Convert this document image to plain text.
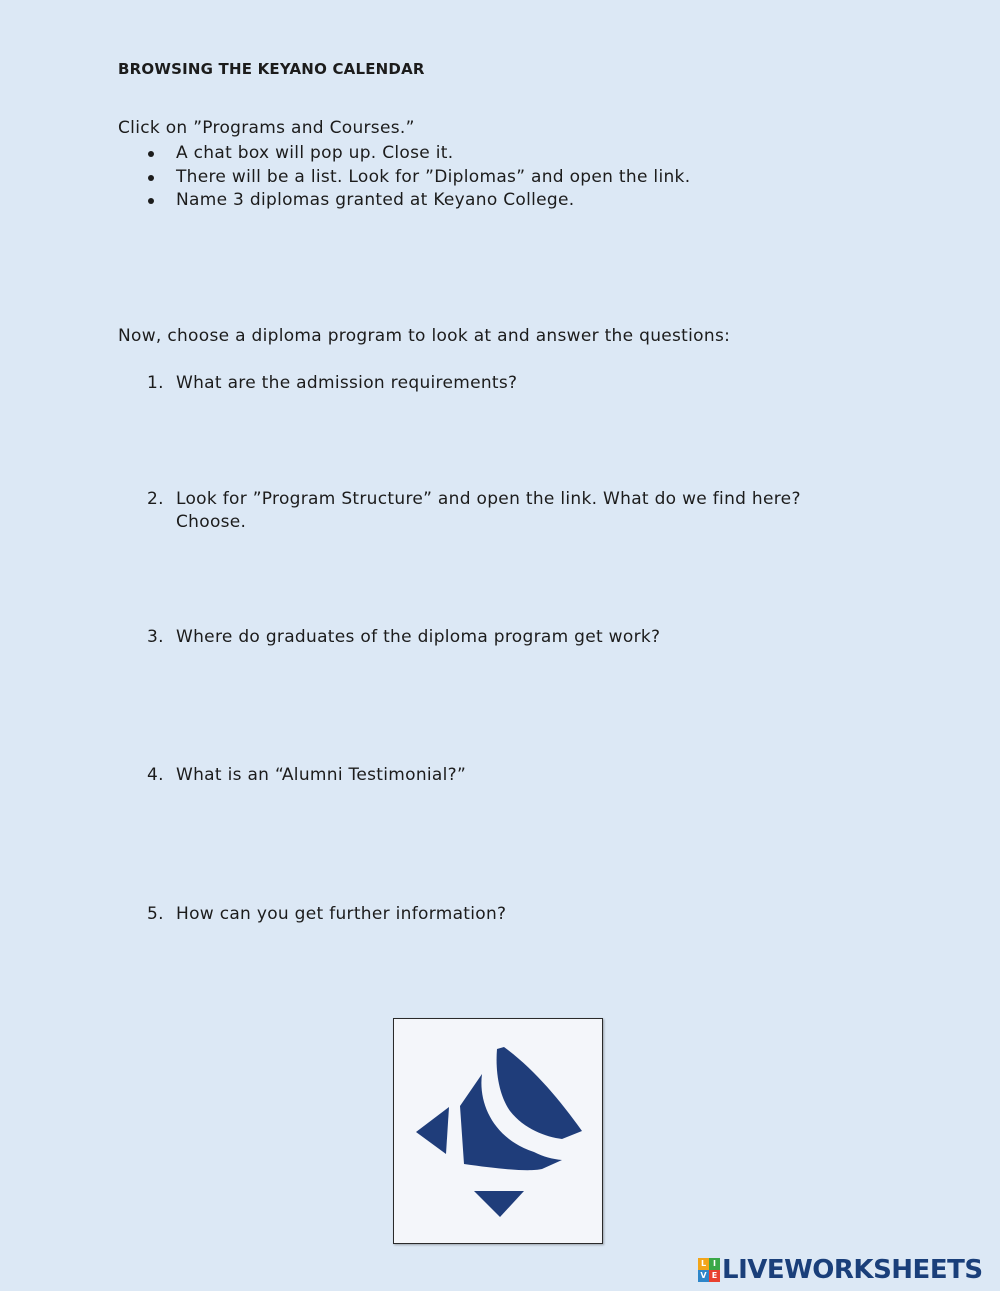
BROWSING THE KEYANO CALENDAR
Click on ”Programs and Courses.”
A chat box will pop up. Close it.
There will be a list. Look for ”Diplomas” and open the link.
Name 3 diplomas granted at Keyano College.
Now, choose a diploma program to look at and answer the questions:
1. What are the admission requirements?
2. Look for ”Program Structure” and open the link. What do we find here? Choose.
3. Where do graduates of the diploma program get work?
4. What is an “Alumni Testimonial?”
5. How can you get further information?
L I
V E LIVEWORKSHEETS
